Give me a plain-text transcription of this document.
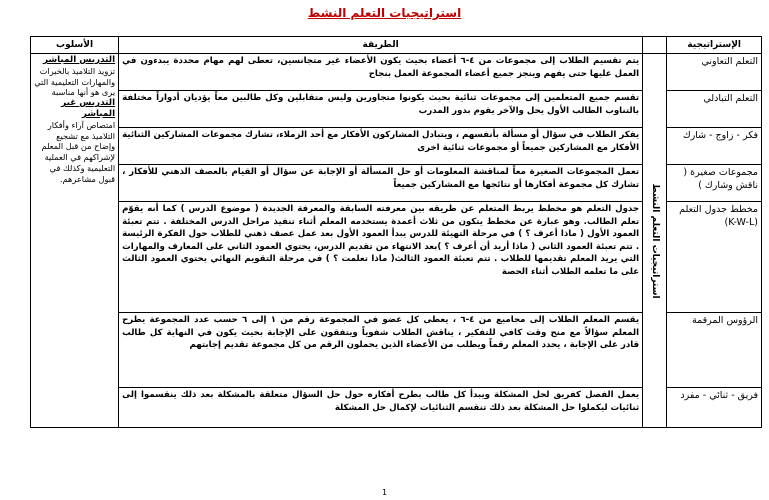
استراتيجيات التعلم النشط
الإستراتيجية		الطريقة	الأسلوب
التعلم التعاوني	استراتيجيات التعلم النشط	يتم تقسيم الطلاب إلى مجموعات من ٤-٦ أعضاء بحيث يكون الأعضاء غير متجانسين، تعطى لهم مهام محددة يبدءون في العمل عليها حتى يفهم وينجز جميع أعضاء المجموعة العمل بنجاح	التدريس المباشر
تزويد التلاميذ بالخبرات والمهارات التعليمية التي يرى هو أنها مناسبة
التدريس غير المباشر
امتصاص آراء وأفكار التلاميذ مع تشجيع وإضاح من قبل المعلم لإشراكهم في العملية التعليمية وكذلك في قبول مشاعرهم.
التعلم التبادلي		تقسم جميع المتعلمين إلى مجموعات ثنائية بحيث يكونوا متجاورين وليس متقابلين وكل طالبين معاً يؤديان أدواراً مختلفة بالتناوب الطالب الأول يحل والآخر يقوم بدور المدرب	
فكر - زاوج - شارك		يفكر الطلاب في سؤال أو مسألة بأنفسهم ، ويتبادل المشاركون الأفكار مع أحد الزملاء، تشارك مجموعات المشاركين الثنائية الأفكار مع المشاركين جميعاً أو مجموعات ثنائية اخرى	
مجموعات صغيرة ( ناقش وشارك )		تعمل المجموعات الصغيرة معاً لمناقشة المعلومات أو حل المسألة أو الإجابة عن سؤال أو القيام بالعصف الذهني للأفكار ، تشارك كل مجموعة أفكارها أو نتائجها مع المشاركين جميعاً	
مخطط جدول التعلم (K-W-L)		جدول التعلم هو مخطط يربط المتعلم عن طريقه بين معرفته السابقة والمعرفة الجديدة ( موضوع الدرس ) كما أنه يقوّم تعلم الطالب. وهو عبارة عن مخطط يتكون من ثلاث أعمدة يستخدمه المعلم أثناء تنفيذ مراحل الدرس المختلفة . تتم تعبئة العمود الأول ( ماذا أعرف ؟ ) في مرحلة التهيئة للدرس يبدأ العمود الأول بعد عمل عصف ذهني للطلاب حول الفكرة الرئيسة . تتم تعبئة العمود الثاني ( ماذا أريد أن أعرف ؟ )بعد الانتهاء من تقديم الدرس، يحتوي العمود الثاني على المعارف والمهارات التي يريد المعلم تقديمها للطلاب . تتم تعبئة العمود الثالث( ماذا تعلمت ؟ ) في مرحلة التقويم النهائي يحتوي العمود الثالث على ما تعلمه الطلاب أثناء الحصة	
الرؤوس المرقمة		يقسم المعلم الطلاب إلى مجاميع من ٤-٦ ، يعطى كل عضو في المجموعة رقم من ١ إلى ٦ حسب عدد المجموعة يطرح المعلم سؤالاً مع منح وقت كافي للتفكير ، يناقش الطلاب شفوياً ويتفقون على الإجابة بحيث يكون في النهاية كل طالب قادر على الإجابة ، يحدد المعلم رقماً ويطلب من الأعضاء الذين يحملون الرقم من كل مجموعة تقديم إجابتهم	
فريق - ثنائي - مفرد		يعمل الفصل كفريق لحل المشكلة ويبدأ كل طالب بطرح أفكاره حول حل السؤال متعلقة بالمشكلة بعد ذلك ينقسموا إلى ثنائيات ليكملوا حل المشكلة بعد ذلك تنقسم الثنائيات لإكمال حل المشكلة	
1
